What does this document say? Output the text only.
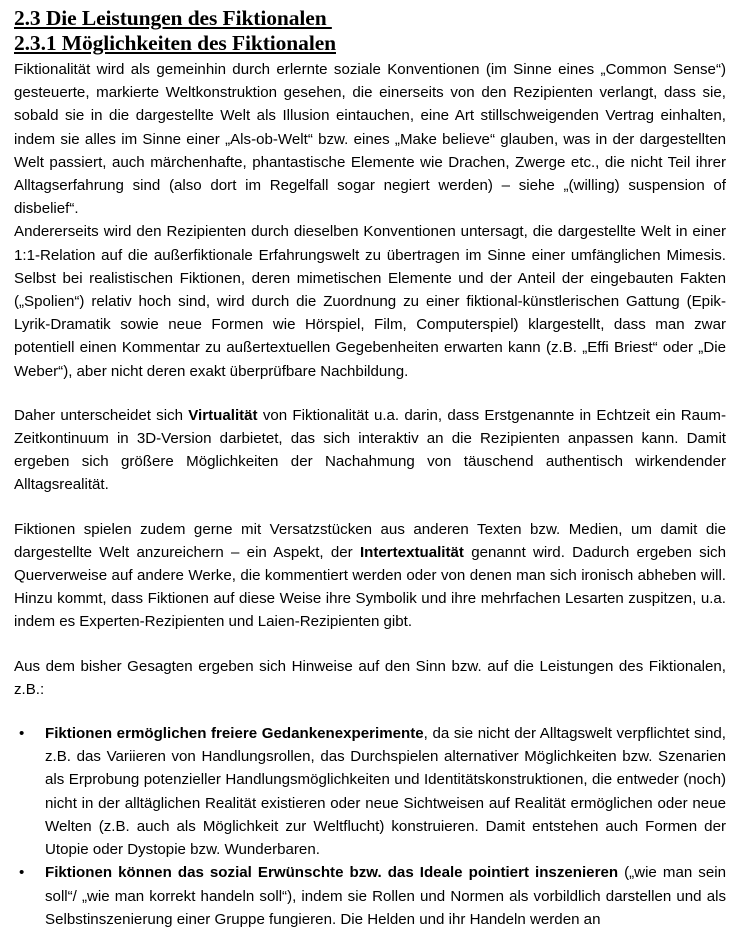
2.3 Die Leistungen des Fiktionalen
2.3.1 Möglichkeiten des Fiktionalen

Fiktionalität wird als gemeinhin durch erlernte soziale Konventionen (im Sinne eines „Common Sense“) gesteuerte, markierte Weltkonstruktion gesehen, die einerseits von den Rezipienten verlangt, dass sie, sobald sie in die dargestellte Welt als Illusion eintauchen, eine Art stillschweigenden Vertrag einhalten, indem sie alles im Sinne einer „Als-ob-Welt“ bzw. eines „Make believe“ glauben, was in der dargestellten Welt passiert, auch märchenhafte, phantastische Elemente wie Drachen, Zwerge etc., die nicht Teil ihrer Alltagserfahrung sind (also dort im Regelfall sogar negiert werden) – siehe „(willing) suspension of disbelief“.

Andererseits wird den Rezipienten durch dieselben Konventionen untersagt, die dargestellte Welt in einer 1:1-Relation auf die außerfiktionale Erfahrungswelt zu übertragen im Sinne einer umfänglichen Mimesis. Selbst bei realistischen Fiktionen, deren mimetischen Elemente und der Anteil der eingebauten Fakten („Spolien“) relativ hoch sind, wird durch die Zuordnung zu einer fiktional-künstlerischen Gattung (Epik-Lyrik-Dramatik sowie neue Formen wie Hörspiel, Film, Computerspiel) klargestellt, dass man zwar potentiell einen Kommentar zu außertextuellen Gegebenheiten erwarten kann (z.B. „Effi Briest“ oder „Die Weber“), aber nicht deren exakt überprüfbare Nachbildung.

Daher unterscheidet sich Virtualität von Fiktionalität u.a. darin, dass Erstgenannte in Echtzeit ein Raum-Zeitkontinuum in 3D-Version darbietet, das sich interaktiv an die Rezipienten anpassen kann. Damit ergeben sich größere Möglichkeiten der Nachahmung von täuschend authentisch wirkendender Alltagsrealität.

Fiktionen spielen zudem gerne mit Versatzstücken aus anderen Texten bzw. Medien, um damit die dargestellte Welt anzureichern – ein Aspekt, der Intertextualität genannt wird. Dadurch ergeben sich Querverweise auf andere Werke, die kommentiert werden oder von denen man sich ironisch abheben will. Hinzu kommt, dass Fiktionen auf diese Weise ihre Symbolik und ihre mehrfachen Lesarten zuspitzen, u.a. indem es Experten-Rezipienten und Laien-Rezipienten gibt.

Aus dem bisher Gesagten ergeben sich Hinweise auf den Sinn bzw. auf die Leistungen des Fiktionalen, z.B.:

•	Fiktionen ermöglichen freiere Gedankenexperimente, da sie nicht der Alltagswelt verpflichtet sind, z.B. das Variieren von Handlungsrollen, das Durchspielen alternativer Möglichkeiten bzw. Szenarien als Erprobung potenzieller Handlungsmöglichkeiten und Identitätskonstruktionen, die entweder (noch) nicht in der alltäglichen Realität existieren oder neue Sichtweisen auf Realität ermöglichen oder neue Welten (z.B. auch als Möglichkeit zur Weltflucht) konstruieren. Damit entstehen auch Formen der Utopie oder Dystopie bzw. Wunderbaren.
•	Fiktionen können das sozial Erwünschte bzw. das Ideale pointiert inszenieren („wie man sein soll“/ „wie man korrekt handeln soll“), indem sie Rollen und Normen als vorbildlich darstellen und als Selbstinszenierung einer Gruppe fungieren. Die Helden und ihr Handeln werden an
